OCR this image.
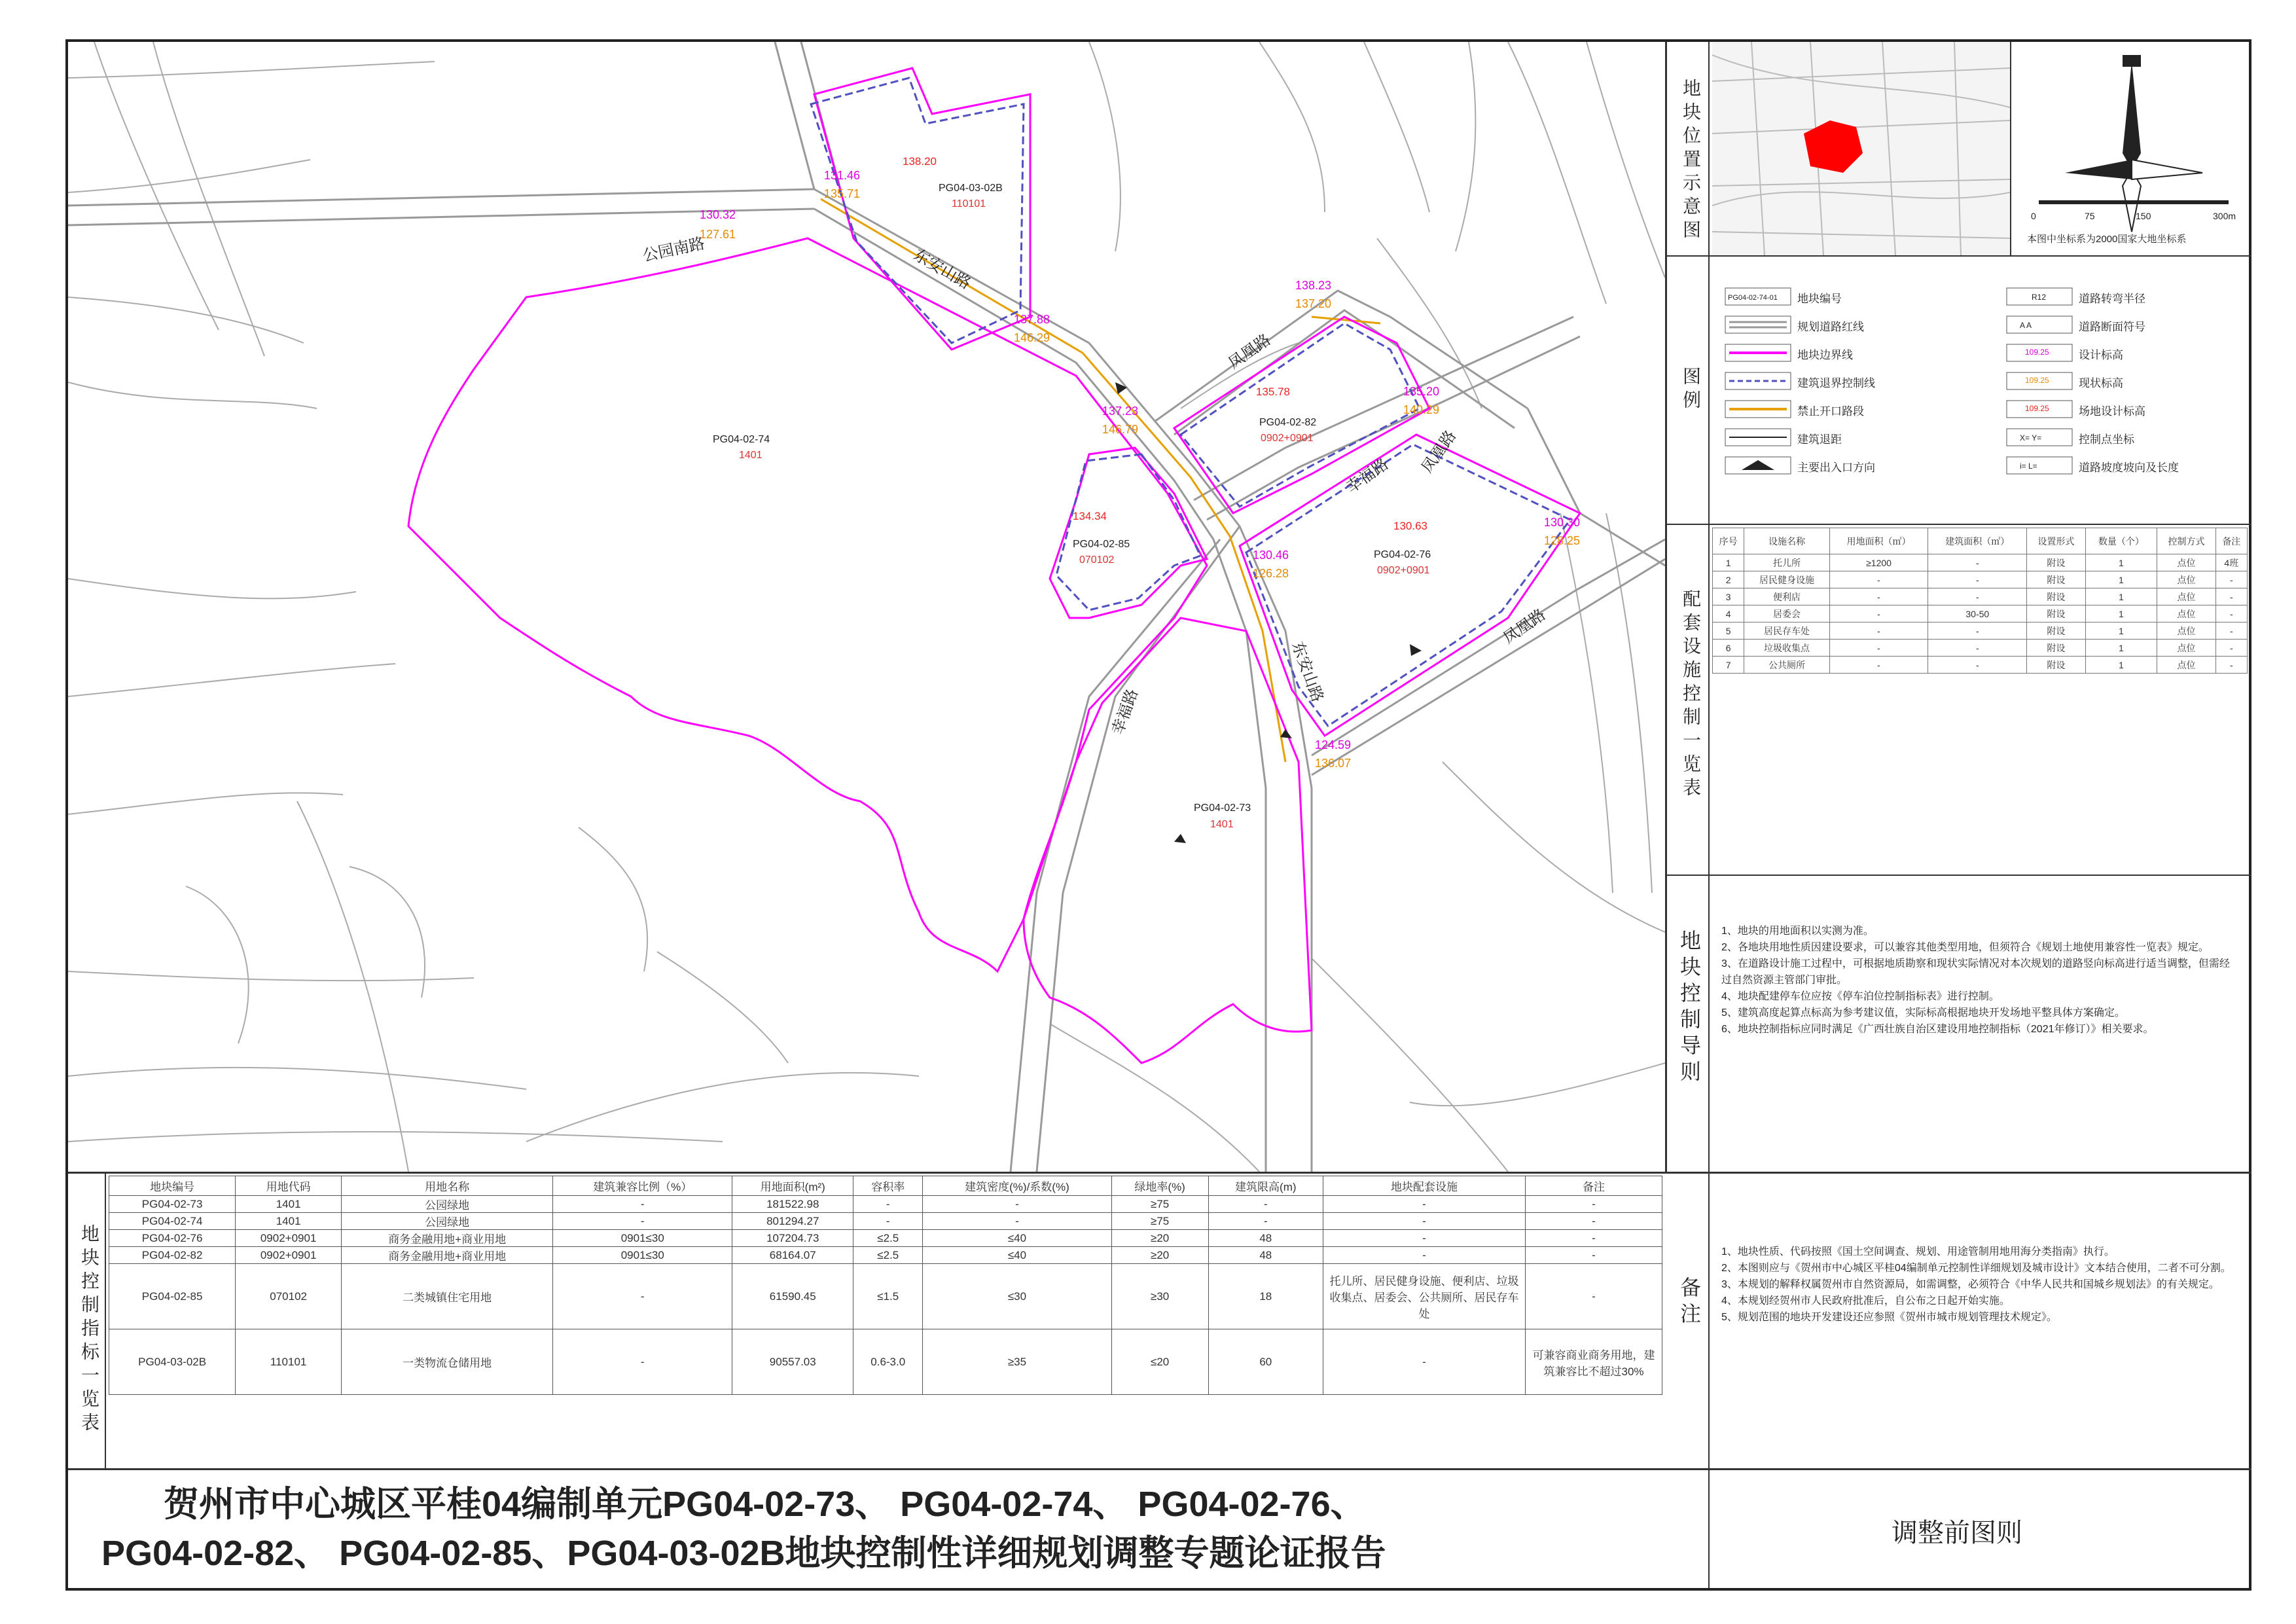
公园南路	东安山路
凤凰路
幸福路 凤凰路
幸福路
东安山路
凤凰路
PG04-02-74
1401
138.20
PG04-03-02B
110101
135.78
PG04-02-82
0902+0901
134.34
PG04-02-85
070102
130.63
PG04-02-76
0902+0901
PG04-02-73
1401
130.32
127.61
131.46
135.71
137.88
146.29
138.23
137.20
137.23
146.79
135.20
140.29
130.30
128.25
130.46
126.28
124.59
136.07
地块位置示意图	0	75	150	300m
本图中坐标系为2000国家大地坐标系
图例
地块编号
规划道路红线
地块边界线
建筑退界控制线
禁止开口路段
建筑退距
主要出入口方向
道路转弯半径
道路断面符号
设计标高
现状标高
场地设计标高
控制点坐标
道路坡度坡向及长度
PG04-02-74-01	R12
A A
109.25
109.25
109.25
X= Y=
i= L=
配套设施控制一览表
序号	设施名称	用地面积（㎡）	建筑面积（㎡）	设置形式	数量（个）	控制方式	备注
1	托儿所	≥1200	-	附设	1	点位	4班
2	居民健身设施	-	-	附设	1	点位	-
3	便利店	-	-	附设	1	点位	-
4	居委会	-	30-50	附设	1	点位	-
5	居民存车处	-	-	附设	1	点位	-
6	垃圾收集点	-	-	附设	1	点位	-
7	公共厕所	-	-	附设	1	点位	-
地块控制导则	1、地块的用地面积以实测为准。

2、各地块用地性质因建设要求，可以兼容其他类型用地，但须符合《规划土地使用兼容性一览表》规定。

3、在道路设计施工过程中，可根据地质勘察和现状实际情况对本次规划的道路竖向标高进行适当调整，但需经过自然资源主管部门审批。

4、地块配建停车位应按《停车泊位控制指标表》进行控制。

5、建筑高度起算点标高为参考建议值，实际标高根据地块开发场地平整具体方案确定。

6、地块控制指标应同时满足《广西壮族自治区建设用地控制指标（2021年修订）》相关要求。

地块控制指标一览表
地块编号	用地代码	用地名称	建筑兼容比例（%）	用地面积(m²)	容积率	建筑密度(%)/系数(%)	绿地率(%)	建筑限高(m)	地块配套设施	备注
PG04-02-73	1401	公园绿地	-	181522.98	-	-	≥75	-	-	-
PG04-02-74	1401	公园绿地	-	801294.27	-	-	≥75	-	-	-
PG04-02-76	0902+0901	商务金融用地+商业用地	0901≤30	107204.73	≤2.5	≤40	≥20	48	-	-
PG04-02-82	0902+0901	商务金融用地+商业用地	0901≤30	68164.07	≤2.5	≤40	≥20	48	-	-
PG04-02-85	070102	二类城镇住宅用地	-	61590.45	≤1.5	≤30	≥30	18	托儿所、居民健身设施、便利店、垃圾收集点、居委会、公共厕所、居民存车处	-
PG04-03-02B	110101	一类物流仓储用地	-	90557.03	0.6-3.0	≥35	≤20	60	-	可兼容商业商务用地，建筑兼容比不超过30%
备注

1、地块性质、代码按照《国土空间调查、规划、用途管制用地用海分类指南》执行。

2、本图则应与《贺州市中心城区平桂04编制单元控制性详细规划及城市设计》文本结合使用，二者不可分割。

3、本规划的解释权属贺州市自然资源局，如需调整，必须符合《中华人民共和国城乡规划法》的有关规定。

4、本规划经贺州市人民政府批准后，自公布之日起开始实施。

5、规划范围的地块开发建设还应参照《贺州市城市规划管理技术规定》。

贺州市中心城区平桂04编制单元PG04-02-73、 PG04-02-74、 PG04-02-76、
PG04-02-82、 PG04-02-85、PG04-03-02B地块控制性详细规划调整专题论证报告
调整前图则
